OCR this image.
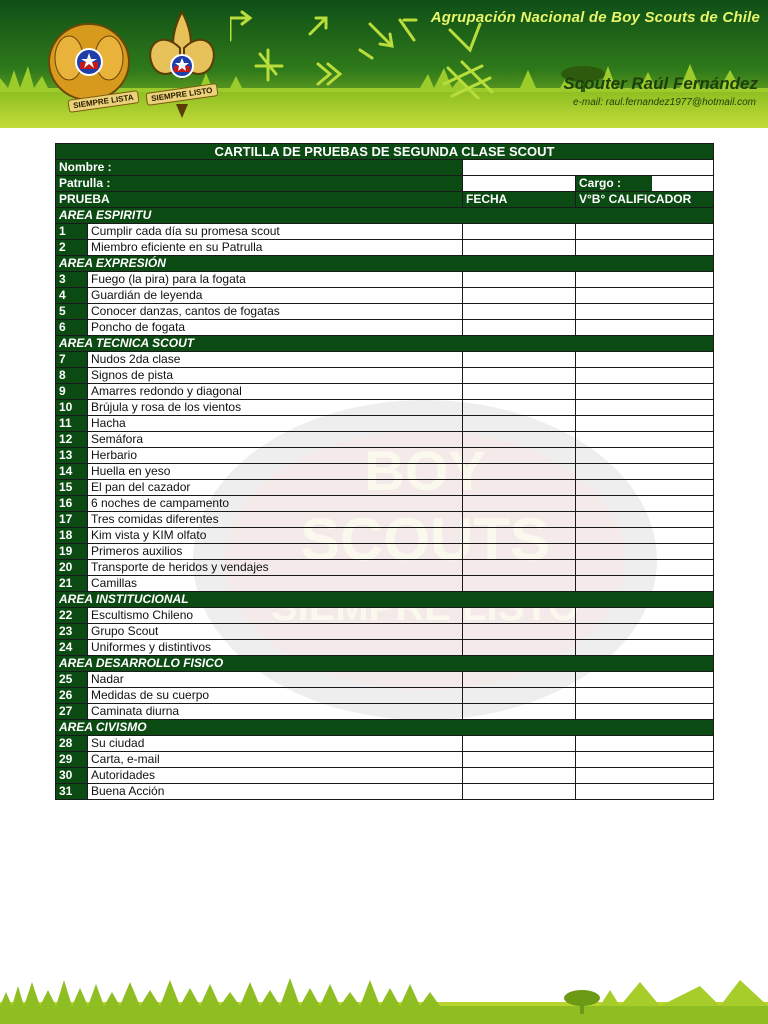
SIEMPRE LISTA	SIEMPRE LISTO
Agrupación Nacional de Boy Scouts de Chile
Scouter Raúl Fernández
e-mail: raul.fernandez1977@hotmail.com
CARTILLA DE PRUEBAS DE SEGUNDA CLASE SCOUT			
Nombre :			
Patrulla :			Cargo :

PRUEBA		FECHA	V°B° CALIFICADOR
AREA ESPIRITU			
1	Cumplir cada día su promesa scout		
2	Miembro eficiente en su Patrulla		
AREA EXPRESIÓN			
3	Fuego (la pira) para la fogata		
4	Guardián de leyenda		
5	Conocer danzas, cantos de fogatas		
6	Poncho de fogata		
AREA TECNICA SCOUT			
7	Nudos 2da clase		
8	Signos de pista		
9	Amarres redondo y diagonal		
10	Brújula y rosa de los vientos		
11	Hacha		
12	Semáfora		
13	Herbario		
14	Huella en yeso		
15	El pan del cazador		
16	6 noches de campamento		
17	Tres comidas diferentes		
18	Kim vista y KIM olfato		
19	Primeros auxilios		
20	Transporte de heridos y vendajes		
21	Camillas		
AREA INSTITUCIONAL			
22	Escultismo Chileno		
23	Grupo Scout		
24	Uniformes y distintivos		
AREA DESARROLLO FISICO			
25	Nadar		
26	Medidas de su cuerpo		
27	Caminata diurna		
AREA CIVISMO			
28	Su ciudad		
29	Carta, e-mail		
30	Autoridades		
31	Buena Acción		
